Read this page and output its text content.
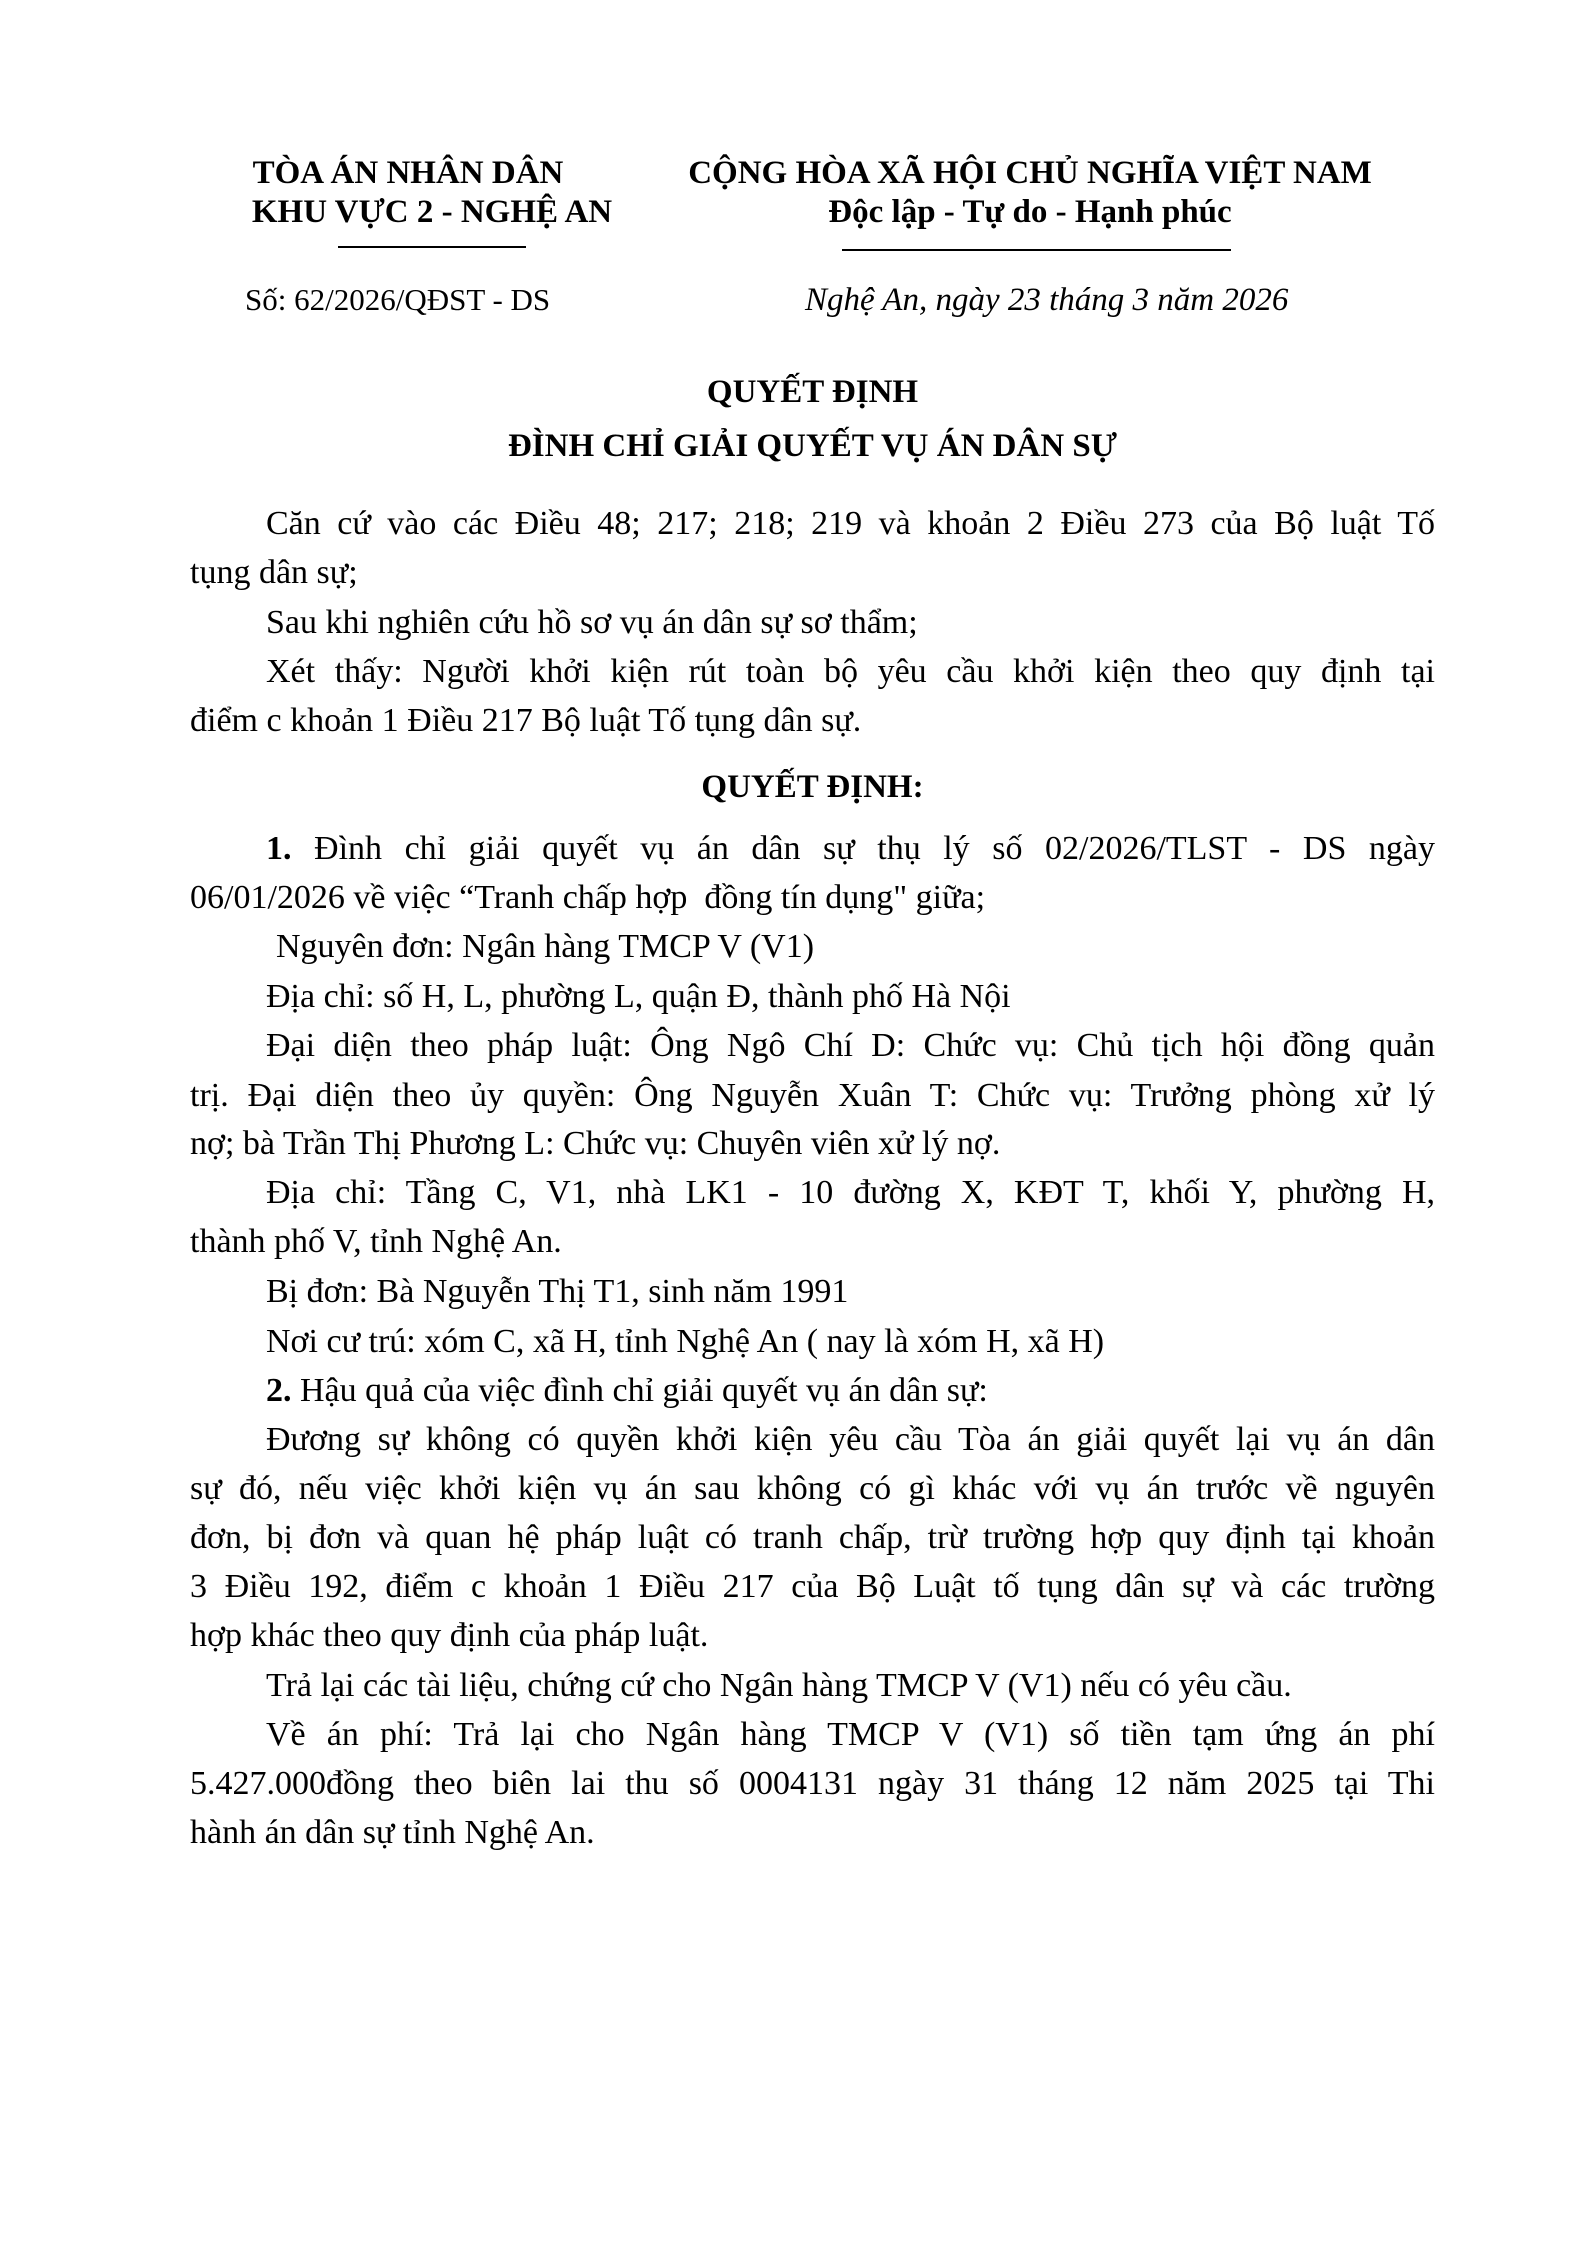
TÒA ÁN NHÂN DÂN
KHU VỰC 2 - NGHỆ AN
CỘNG HÒA XÃ HỘI CHỦ NGHĨA VIỆT NAM
Độc lập - Tự do - Hạnh phúc
Số: 62/2026/QĐST - DS	Nghệ An, ngày 23 tháng 3 năm 2026
QUYẾT ĐỊNH
ĐÌNH CHỈ GIẢI QUYẾT VỤ ÁN DÂN SỰ
Căn cứ vào các Điều 48; 217; 218; 219 và khoản 2 Điều 273 của Bộ luật Tố
tụng dân sự;
Sau khi nghiên cứu hồ sơ vụ án dân sự sơ thẩm;
Xét thấy: Người khởi kiện rút toàn bộ yêu cầu khởi kiện theo quy định tại
điểm c khoản 1 Điều 217 Bộ luật Tố tụng dân sự.
QUYẾT ĐỊNH:
1. Đình chỉ giải quyết vụ án dân sự thụ lý số 02/2026/TLST - DS ngày
06/01/2026 về việc “Tranh chấp hợp  đồng tín dụng" giữa;
Nguyên đơn: Ngân hàng TMCP V (V1)
Địa chỉ: số H, L, phường L, quận Đ, thành phố Hà Nội
Đại diện theo pháp luật: Ông Ngô Chí D: Chức vụ: Chủ tịch hội đồng quản
trị. Đại diện theo ủy quyền: Ông Nguyễn Xuân T: Chức vụ: Trưởng phòng xử lý
nợ; bà Trần Thị Phương L: Chức vụ: Chuyên viên xử lý nợ.
Địa chỉ: Tầng C, V1, nhà LK1 - 10 đường X, KĐT T, khối Y, phường H,
thành phố V, tỉnh Nghệ An.
Bị đơn: Bà Nguyễn Thị T1, sinh năm 1991
Nơi cư trú: xóm C, xã H, tỉnh Nghệ An ( nay là xóm H, xã H)
2. Hậu quả của việc đình chỉ giải quyết vụ án dân sự:
Đương sự không có quyền khởi kiện yêu cầu Tòa án giải quyết lại vụ án dân
sự đó, nếu việc khởi kiện vụ án sau không có gì khác với vụ án trước về nguyên
đơn, bị đơn và quan hệ pháp luật có tranh chấp, trừ trường hợp quy định tại khoản
3 Điều 192, điểm c khoản 1 Điều 217 của Bộ Luật tố tụng dân sự và các trường
hợp khác theo quy định của pháp luật.
Trả lại các tài liệu, chứng cứ cho Ngân hàng TMCP V (V1) nếu có yêu cầu.
Về án phí: Trả lại cho Ngân hàng TMCP V (V1) số tiền tạm ứng án phí
5.427.000đồng theo biên lai thu số 0004131 ngày 31 tháng 12 năm 2025 tại Thi
hành án dân sự tỉnh Nghệ An.
